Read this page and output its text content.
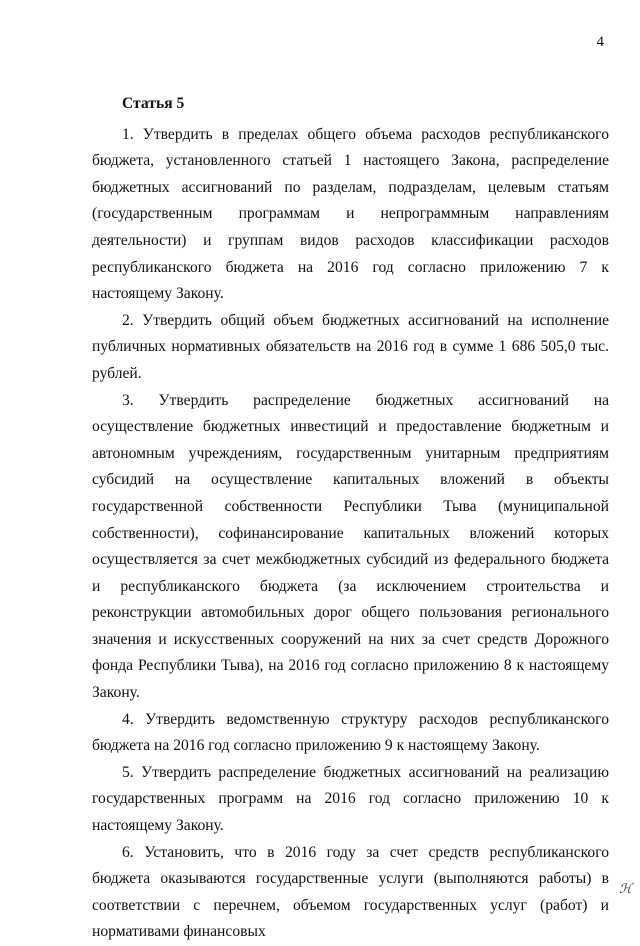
4

Статья 5

1. Утвердить в пределах общего объема расходов республиканского бюджета, установленного статьей 1 настоящего Закона, распределение бюджетных ассигнований по разделам, подразделам, целевым статьям (государственным программам и непрограммным направлениям деятельности) и группам видов расходов классификации расходов республиканского бюджета на 2016 год согласно приложению 7 к настоящему Закону.

2. Утвердить общий объем бюджетных ассигнований на исполнение публичных нормативных обязательств на 2016 год в сумме 1 686 505,0 тыс. рублей.

3. Утвердить распределение бюджетных ассигнований на осуществление бюджетных инвестиций и предоставление бюджетным и автономным учреждениям, государственным унитарным предприятиям субсидий на осуществление капитальных вложений в объекты государственной собственности Республики Тыва (муниципальной собственности), софинансирование капитальных вложений которых осуществляется за счет межбюджетных субсидий из федерального бюджета и республиканского бюджета (за исключением строительства и реконструкции автомобильных дорог общего пользования регионального значения и искусственных сооружений на них за счет средств Дорожного фонда Республики Тыва), на 2016 год согласно приложению 8 к настоящему Закону.

4. Утвердить ведомственную структуру расходов республиканского бюджета на 2016 год согласно приложению 9 к настоящему Закону.

5. Утвердить распределение бюджетных ассигнований на реализацию государственных программ на 2016 год согласно приложению 10 к настоящему Закону.

6. Установить, что в 2016 году за счет средств республиканского бюджета оказываются государственные услуги (выполняются работы) в соответствии с перечнем, объемом государственных услуг (работ) и нормативами финансовых

ℋ
